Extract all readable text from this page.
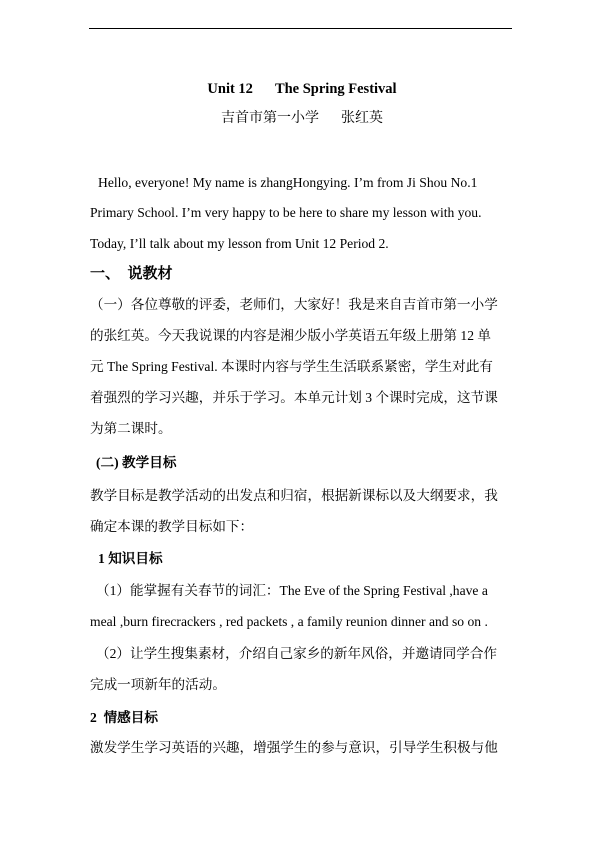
Unit 12 The Spring Festival
吉首市第一小学 张红英
Hello, everyone! My name is zhangHongying. I’m from Ji Shou No.1
Primary School. I’m very happy to be here to share my lesson with you.
Today, I’ll talk about my lesson from Unit 12 Period 2.
一、  说教材
（一）各位尊敬的评委，老师们，大家好！我是来自吉首市第一小学
的张红英。今天我说课的内容是湘少版小学英语五年级上册第 12 单
元 The Spring Festival. 本课时内容与学生生活联系紧密，学生对此有
着强烈的学习兴趣，并乐于学习。本单元计划 3 个课时完成，这节课
为第二课时。
(二) 教学目标
教学目标是教学活动的出发点和归宿，根据新课标以及大纲要求，我
确定本课的教学目标如下：
1 知识目标
（1）能掌握有关春节的词汇：The Eve of the Spring Festival ,have a
meal ,burn firecrackers , red packets , a family reunion dinner and so on .
（2）让学生搜集素材，介绍自己家乡的新年风俗，并邀请同学合作
完成一项新年的活动。
2  情感目标
激发学生学习英语的兴趣，增强学生的参与意识，引导学生积极与他
